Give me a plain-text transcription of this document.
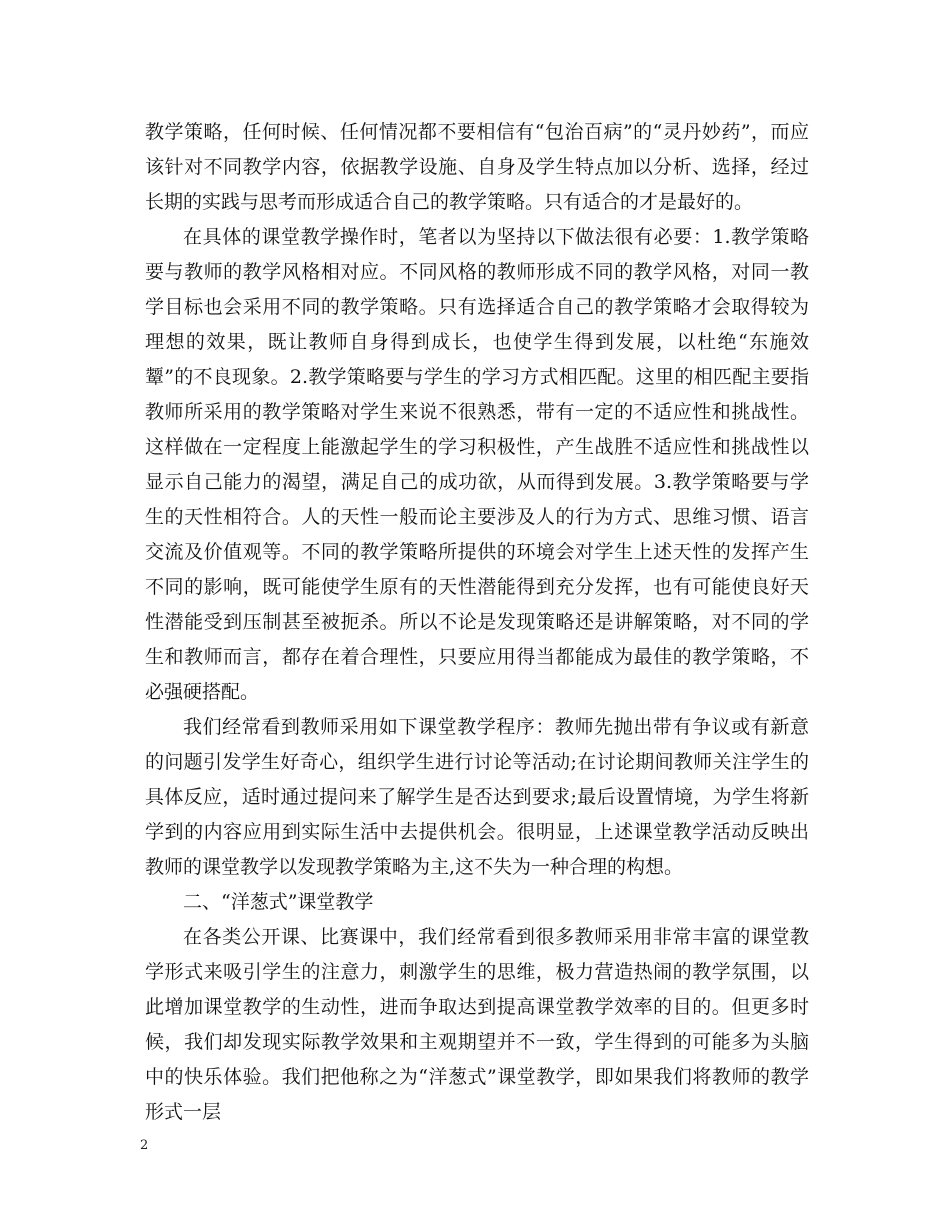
教学策略，任何时候、任何情况都不要相信有“包治百病”的“灵丹妙药”，而应该针对不同教学内容，依据教学设施、自身及学生特点加以分析、选择，经过长期的实践与思考而形成适合自己的教学策略。只有适合的才是最好的。

在具体的课堂教学操作时，笔者以为坚持以下做法很有必要：1.教学策略要与教师的教学风格相对应。不同风格的教师形成不同的教学风格，对同一教学目标也会采用不同的教学策略。只有选择适合自己的教学策略才会取得较为理想的效果，既让教师自身得到成长，也使学生得到发展，以杜绝“东施效颦”的不良现象。2.教学策略要与学生的学习方式相匹配。这里的相匹配主要指教师所采用的教学策略对学生来说不很熟悉，带有一定的不适应性和挑战性。这样做在一定程度上能激起学生的学习积极性，产生战胜不适应性和挑战性以显示自己能力的渴望，满足自己的成功欲，从而得到发展。3.教学策略要与学生的天性相符合。人的天性一般而论主要涉及人的行为方式、思维习惯、语言交流及价值观等。不同的教学策略所提供的环境会对学生上述天性的发挥产生不同的影响，既可能使学生原有的天性潜能得到充分发挥，也有可能使良好天性潜能受到压制甚至被扼杀。所以不论是发现策略还是讲解策略，对不同的学生和教师而言，都存在着合理性，只要应用得当都能成为最佳的教学策略，不必强硬搭配。

我们经常看到教师采用如下课堂教学程序：教师先抛出带有争议或有新意的问题引发学生好奇心，组织学生进行讨论等活动;在讨论期间教师关注学生的具体反应，适时通过提问来了解学生是否达到要求;最后设置情境，为学生将新学到的内容应用到实际生活中去提供机会。很明显，上述课堂教学活动反映出教师的课堂教学以发现教学策略为主,这不失为一种合理的构想。

二、“洋葱式”课堂教学

在各类公开课、比赛课中，我们经常看到很多教师采用非常丰富的课堂教学形式来吸引学生的注意力，刺激学生的思维，极力营造热闹的教学氛围，以此增加课堂教学的生动性，进而争取达到提高课堂教学效率的目的。但更多时候，我们却发现实际教学效果和主观期望并不一致，学生得到的可能多为头脑中的快乐体验。我们把他称之为“洋葱式”课堂教学，即如果我们将教师的教学形式一层

2
